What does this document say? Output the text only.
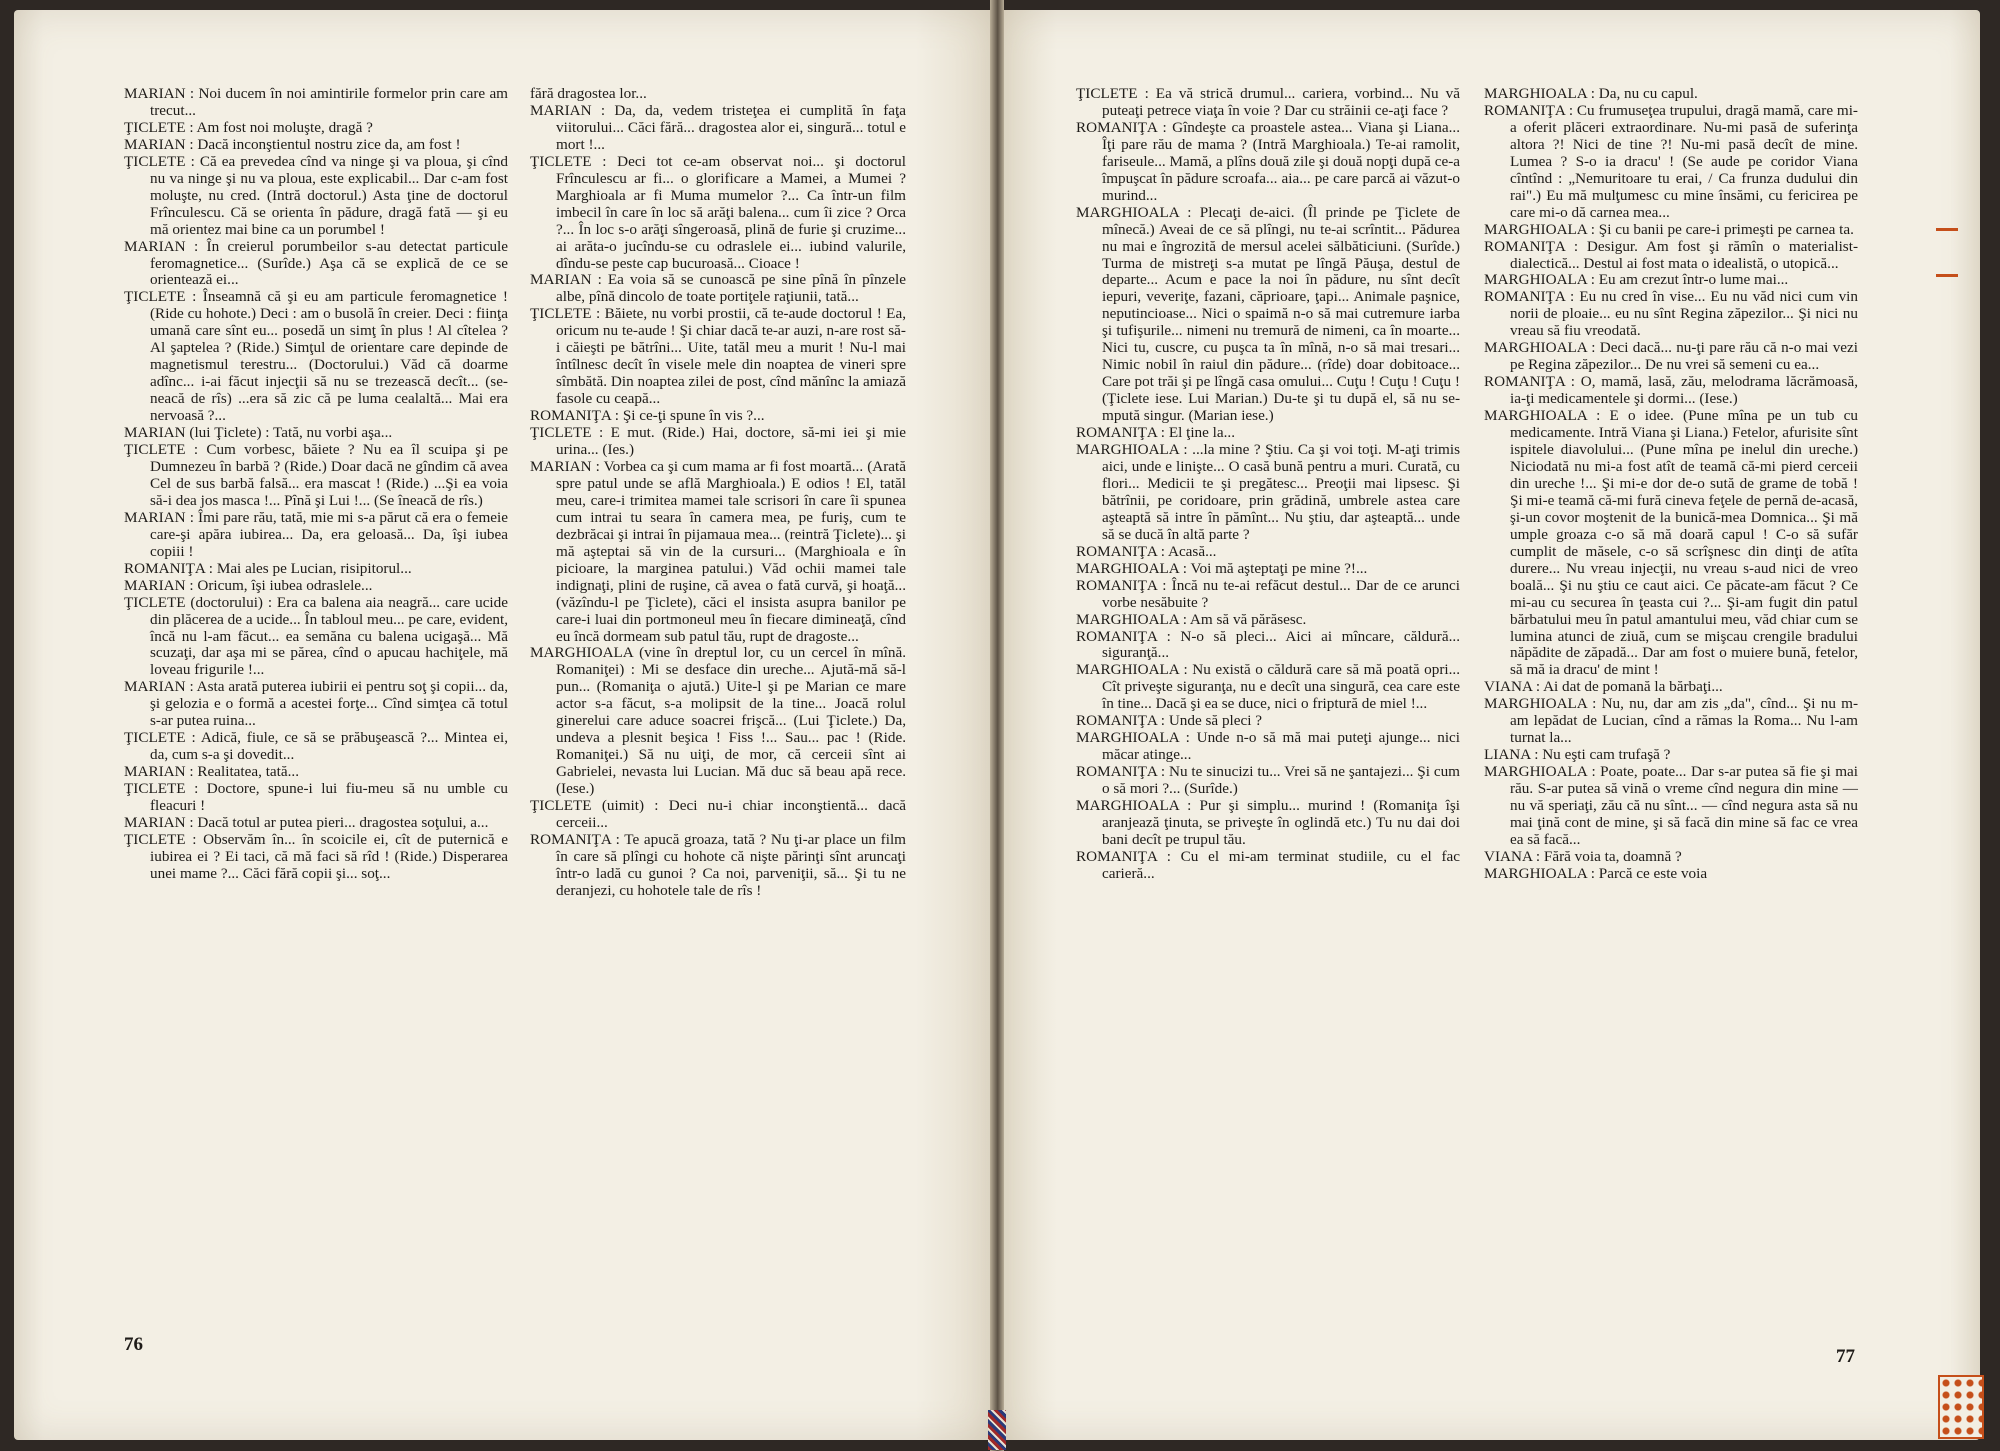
MARIAN : Noi ducem în noi amintirile formelor prin care am trecut...

ŢICLETE : Am fost noi moluşte, dragă ?

MARIAN : Dacă inconştientul nostru zice da, am fost !

ŢICLETE : Că ea prevedea cînd va ninge şi va ploua, şi cînd nu va ninge şi nu va ploua, este explicabil... Dar c-am fost moluşte, nu cred. (Intră doctorul.) Asta ţine de doctorul Frînculescu. Că se orienta în pădure, dragă fată — şi eu mă orientez mai bine ca un porumbel !

MARIAN : În creierul porumbeilor s-au detectat particule feromagnetice... (Surîde.) Aşa că se explică de ce se orientează ei...

ŢICLETE : Înseamnă că şi eu am particule feromagnetice ! (Ride cu hohote.) Deci : am o busolă în creier. Deci : fiinţa umană care sînt eu... posedă un simţ în plus ! Al cîtelea ? Al şaptelea ? (Ride.) Simţul de orientare care depinde de magnetismul terestru... (Doctorului.) Văd că doarme adînc... i-ai făcut injecţii să nu se trezească decît... (se-neacă de rîs) ...era să zic că pe luma cealaltă... Mai era nervoasă ?...

MARIAN (lui Ţiclete) : Tată, nu vorbi aşa...

ŢICLETE : Cum vorbesc, băiete ? Nu ea îl scuipa şi pe Dumnezeu în barbă ? (Ride.) Doar dacă ne gîndim că avea Cel de sus barbă falsă... era mascat ! (Ride.) ...Şi ea voia să-i dea jos masca !... Pînă şi Lui !... (Se îneacă de rîs.)

MARIAN : Îmi pare rău, tată, mie mi s-a părut că era o femeie care-şi apăra iubirea... Da, era geloasă... Da, îşi iubea copiii !

ROMANIŢA : Mai ales pe Lucian, risipitorul...

MARIAN : Oricum, îşi iubea odraslele...

ŢICLETE (doctorului) : Era ca balena aia neagră... care ucide din plăcerea de a ucide... În tabloul meu... pe care, evident, încă nu l-am făcut... ea semăna cu balena ucigaşă... Mă scuzaţi, dar aşa mi se părea, cînd o apucau hachiţele, mă loveau frigurile !...

MARIAN : Asta arată puterea iubirii ei pentru soţ şi copii... da, şi gelozia e o formă a acestei forţe... Cînd simţea că totul s-ar putea ruina...

ŢICLETE : Adică, fiule, ce să se prăbuşească ?... Mintea ei, da, cum s-a şi dovedit...

MARIAN : Realitatea, tată...

ŢICLETE : Doctore, spune-i lui fiu-meu să nu umble cu fleacuri !

MARIAN : Dacă totul ar putea pieri... dragostea soţului, a...

ŢICLETE : Observăm în... în scoicile ei, cît de puternică e iubirea ei ? Ei taci, că mă faci să rîd ! (Ride.) Disperarea unei mame ?... Căci fără copii şi... soţ...

fără dragostea lor...

MARIAN : Da, da, vedem tristeţea ei cumplită în faţa viitorului... Căci fără... dragostea alor ei, singură... totul e mort !...

ŢICLETE : Deci tot ce-am observat noi... şi doctorul Frînculescu ar fi... o glorificare a Mamei, a Mumei ? Marghioala ar fi Muma mumelor ?... Ca într-un film imbecil în care în loc să arăţi balena... cum îi zice ? Orca ?... În loc s-o arăţi sîngeroasă, plină de furie şi cruzime... ai arăta-o jucîndu-se cu odraslele ei... iubind valurile, dîndu-se peste cap bucuroasă... Cioace !

MARIAN : Ea voia să se cunoască pe sine pînă în pînzele albe, pînă dincolo de toate portiţele raţiunii, tată...

ŢICLETE : Băiete, nu vorbi prostii, că te-aude doctorul ! Ea, oricum nu te-aude ! Şi chiar dacă te-ar auzi, n-are rost să-i căieşti pe bătrîni... Uite, tatăl meu a murit ! Nu-l mai întîlnesc decît în visele mele din noaptea de vineri spre sîmbătă. Din noaptea zilei de post, cînd mănînc la amiază fasole cu ceapă...

ROMANIŢA : Şi ce-ţi spune în vis ?...

ŢICLETE : E mut. (Ride.) Hai, doctore, să-mi iei şi mie urina... (Ies.)

MARIAN : Vorbea ca şi cum mama ar fi fost moartă... (Arată spre patul unde se află Marghioala.) E odios ! El, tatăl meu, care-i trimitea mamei tale scrisori în care îi spunea cum intrai tu seara în camera mea, pe furiş, cum te dezbrăcai şi intrai în pijamaua mea... (reintră Ţiclete)... şi mă aşteptai să vin de la cursuri... (Marghioala e în picioare, la marginea patului.) Văd ochii mamei tale indignaţi, plini de ruşine, că avea o fată curvă, şi hoaţă... (văzîndu-l pe Ţiclete), căci el insista asupra banilor pe care-i luai din portmoneul meu în fiecare dimineaţă, cînd eu încă dormeam sub patul tău, rupt de dragoste...

MARGHIOALA (vine în dreptul lor, cu un cercel în mînă. Romaniţei) : Mi se desface din ureche... Ajută-mă să-l pun... (Romaniţa o ajută.) Uite-l şi pe Marian ce mare actor s-a făcut, s-a molipsit de la tine... Joacă rolul ginerelui care aduce soacrei frişcă... (Lui Ţiclete.) Da, undeva a plesnit beşica ! Fiss !... Sau... pac ! (Ride. Romaniţei.) Să nu uiţi, de mor, că cerceii sînt ai Gabrielei, nevasta lui Lucian. Mă duc să beau apă rece. (Iese.)

ŢICLETE (uimit) : Deci nu-i chiar inconştientă... dacă cerceii...

ROMANIŢA : Te apucă groaza, tată ? Nu ţi-ar place un film în care să plîngi cu hohote că nişte părinţi sînt aruncaţi într-o ladă cu gunoi ? Ca noi, parveniţii, să... Şi tu ne deranjezi, cu hohotele tale de rîs !

ŢICLETE : Ea vă strică drumul... cariera, vorbind... Nu vă puteaţi petrece viaţa în voie ? Dar cu străinii ce-aţi face ?

ROMANIŢA : Gîndeşte ca proastele astea... Viana şi Liana... Îţi pare rău de mama ? (Intră Marghioala.) Te-ai ramolit, fariseule... Mamă, a plîns două zile şi două nopţi după ce-a împuşcat în pădure scroafa... aia... pe care parcă ai văzut-o murind...

MARGHIOALA : Plecaţi de-aici. (Îl prinde pe Ţiclete de mînecă.) Aveai de ce să plîngi, nu te-ai scrîntit... Pădurea nu mai e îngrozită de mersul acelei sălbăticiuni. (Surîde.) Turma de mistreţi s-a mutat pe lîngă Păuşa, destul de departe... Acum e pace la noi în pădure, nu sînt decît iepuri, veveriţe, fazani, căprioare, ţapi... Animale paşnice, neputincioase... Nici o spaimă n-o să mai cutremure iarba şi tufişurile... nimeni nu tremură de nimeni, ca în moarte... Nici tu, cuscre, cu puşca ta în mînă, n-o să mai tresari... Nimic nobil în raiul din pădure... (rîde) doar dobitoace... Care pot trăi şi pe lîngă casa omului... Cuţu ! Cuţu ! Cuţu ! (Ţiclete iese. Lui Marian.) Du-te şi tu după el, să nu se-mpută singur. (Marian iese.)

ROMANIŢA : El ţine la...

MARGHIOALA : ...la mine ? Ştiu. Ca şi voi toţi. M-aţi trimis aici, unde e linişte... O casă bună pentru a muri. Curată, cu flori... Medicii te şi pregătesc... Preoţii mai lipsesc. Şi bătrînii, pe coridoare, prin grădină, umbrele astea care aşteaptă să intre în pămînt... Nu ştiu, dar aşteaptă... unde să se ducă în altă parte ?

ROMANIŢA : Acasă...

MARGHIOALA : Voi mă aşteptaţi pe mine ?!...

ROMANIŢA : Încă nu te-ai refăcut destul... Dar de ce arunci vorbe nesăbuite ?

MARGHIOALA : Am să vă părăsesc.

ROMANIŢA : N-o să pleci... Aici ai mîncare, căldură... siguranţă...

MARGHIOALA : Nu există o căldură care să mă poată opri... Cît priveşte siguranţa, nu e decît una singură, cea care este în tine... Dacă şi ea se duce, nici o friptură de miel !...

ROMANIŢA : Unde să pleci ?

MARGHIOALA : Unde n-o să mă mai puteţi ajunge... nici măcar atinge...

ROMANIŢA : Nu te sinucizi tu... Vrei să ne şantajezi... Şi cum o să mori ?... (Surîde.)

MARGHIOALA : Pur şi simplu... murind ! (Romaniţa îşi aranjează ţinuta, se priveşte în oglindă etc.) Tu nu dai doi bani decît pe trupul tău.

ROMANIŢA : Cu el mi-am terminat studiile, cu el fac carieră...

MARGHIOALA : Da, nu cu capul.

ROMANIŢA : Cu frumuseţea trupului, dragă mamă, care mi-a oferit plăceri extraordinare. Nu-mi pasă de suferinţa altora ?! Nici de tine ?! Nu-mi pasă decît de mine. Lumea ? S-o ia dracu' ! (Se aude pe coridor Viana cîntînd : „Nemuritoare tu erai, / Ca frunza dudului din rai".) Eu mă mulţumesc cu mine însămi, cu fericirea pe care mi-o dă carnea mea...

MARGHIOALA : Şi cu banii pe care-i primeşti pe carnea ta.

ROMANIŢA : Desigur. Am fost şi rămîn o materialist-dialectică... Destul ai fost mata o idealistă, o utopică...

MARGHIOALA : Eu am crezut într-o lume mai...

ROMANIŢA : Eu nu cred în vise... Eu nu văd nici cum vin norii de ploaie... eu nu sînt Regina zăpezilor... Şi nici nu vreau să fiu vreodată.

MARGHIOALA : Deci dacă... nu-ţi pare rău că n-o mai vezi pe Regina zăpezilor... De nu vrei să semeni cu ea...

ROMANIŢA : O, mamă, lasă, zău, melodrama lăcrămoasă, ia-ţi medicamentele şi dormi... (Iese.)

MARGHIOALA : E o idee. (Pune mîna pe un tub cu medicamente. Intră Viana şi Liana.) Fetelor, afurisite sînt ispitele diavolului... (Pune mîna pe inelul din ureche.) Niciodată nu mi-a fost atît de teamă că-mi pierd cerceii din ureche !... Şi mi-e dor de-o sută de grame de tobă ! Şi mi-e teamă că-mi fură cineva feţele de pernă de-acasă, şi-un covor moştenit de la bunică-mea Domnica... Şi mă umple groaza c-o să mă doară capul ! C-o să sufăr cumplit de măsele, c-o să scrîşnesc din dinţi de atîta durere... Nu vreau injecţii, nu vreau s-aud nici de vreo boală... Şi nu ştiu ce caut aici. Ce păcate-am făcut ? Ce mi-au cu securea în ţeasta cui ?... Şi-am fugit din patul bărbatului meu în patul amantului meu, văd chiar cum se lumina atunci de ziuă, cum se mişcau crengile bradului năpădite de zăpadă... Dar am fost o muiere bună, fetelor, să mă ia dracu' de mint !

VIANA : Ai dat de pomană la bărbaţi...

MARGHIOALA : Nu, nu, dar am zis „da", cînd... Şi nu m-am lepădat de Lucian, cînd a rămas la Roma... Nu l-am turnat la...

LIANA : Nu eşti cam trufaşă ?

MARGHIOALA : Poate, poate... Dar s-ar putea să fie şi mai rău. S-ar putea să vină o vreme cînd negura din mine — nu vă speriaţi, zău că nu sînt... — cînd negura asta să nu mai ţină cont de mine, şi să facă din mine să fac ce vrea ea să facă...

VIANA : Fără voia ta, doamnă ?

MARGHIOALA : Parcă ce este voia

76
77
